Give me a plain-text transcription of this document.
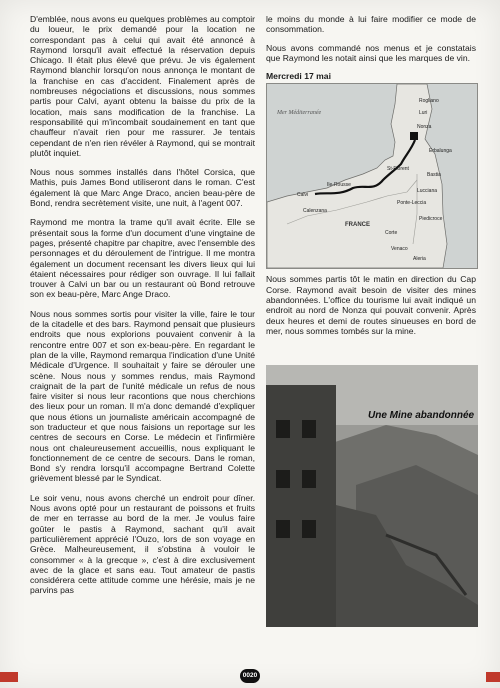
D'emblée, nous avons eu quelques problèmes au comptoir du loueur, le prix demandé pour la location ne correspondant pas à celui qui avait été annoncé à Raymond lorsqu'il avait effectué la réservation depuis Chicago. Il était plus élevé que prévu. Je vis également Raymond blanchir lorsqu'on nous annonça le montant de la franchise en cas d'accident. Finalement après de nombreuses négociations et discussions, nous sommes partis pour Calvi, ayant obtenu la baisse du prix de la location, mais sans modification de la franchise. La responsabilité qui m'incombait soudainement en tant que chauffeur n'avait rien pour me rassurer. Je tentais cependant de n'en rien révéler à Raymond, qui se montrait plutôt inquiet.

Nous nous sommes installés dans l'hôtel Corsica, que Mathis, puis James Bond utiliseront dans le roman. C'est également là que Marc Ange Draco, ancien beau-père de Bond, rendra secrètement visite, une nuit, à l'agent 007.

Raymond me montra la trame qu'il avait écrite. Elle se présentait sous la forme d'un document d'une vingtaine de pages, présenté chapitre par chapitre, avec l'ensemble des personnages et du déroulement de l'intrigue. Il me montra également un document recensant les divers lieux qui lui étaient nécessaires pour rédiger son ouvrage. Il lui fallait trouver à Calvi un bar ou un restaurant où Bond retrouve son ex beau-père, Marc Ange Draco.

Nous nous sommes sortis pour visiter la ville, faire le tour de la citadelle et des bars. Raymond pensait que plusieurs endroits que nous explorions pouvaient convenir à la rencontre entre 007 et son ex-beau-père. En regardant le plan de la ville, Raymond remarqua l'indication d'une Unité Médicale d'Urgence. Il souhaitait y faire se dérouler une scène. Nous nous y sommes rendus, mais Raymond craignait de la part de l'unité médicale un refus de nous faire visiter si nous leur racontions que nous cherchions des lieux pour un roman. Il m'a donc demandé d'expliquer que nous étions un journaliste américain accompagné de son traducteur et que nous faisions un reportage sur les centres de secours en Corse. Le médecin et l'infirmière nous ont chaleureusement accueillis, nous expliquant le fonctionnement de ce centre de secours. Dans le roman, Bond s'y rendra lorsqu'il accompagne Bertrand Colette grièvement blessé par le Syndicat.

Le soir venu, nous avons cherché un endroit pour dîner. Nous avons opté pour un restaurant de poissons et fruits de mer en terrasse au bord de la mer. Je voulus faire goûter le pastis à Raymond, sachant qu'il avait particulièrement apprécié l'Ouzo, lors de son voyage en Grèce. Malheureusement, il s'obstina à vouloir le consommer « à la grecque », c'est à dire exclusivement avec de la glace et sans eau. Tout amateur de pastis considérera cette attitude comme une hérésie, mais je ne parvins pas

le moins du monde à lui faire modifier ce mode de consommation.

Nous avons commandé nos menus et je constatais que Raymond les notait ainsi que les marques de vin.

Mercredi 17 mai
Nonza
Calvi
Corte
Bastia
Ile-Rousse
St-Florent
Calenzana
Ponte-Leccia
Lucciana
Luri
Rogliano
Erbalunga
Piedicroce
Venaco
Aleria
FRANCE
Mer Méditerranée

Nous sommes partis tôt le matin en direction du Cap Corse. Raymond avait besoin de visiter des mines abandonnées. L'office du tourisme lui avait indiqué un endroit au nord de Nonza qui pouvait convenir. Après deux heures et demi de routes sinueuses en bord de mer, nous sommes tombés sur la mine.

Une Mine abandonnée
0020
